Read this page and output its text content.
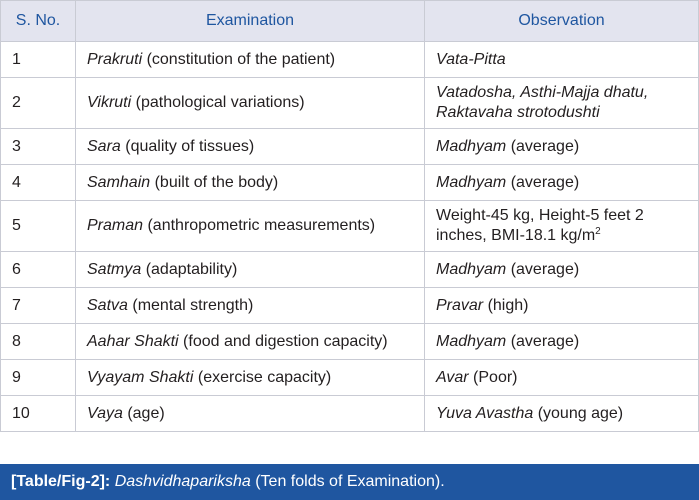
S. No.	Examination	Observation
1	Prakruti (constitution of the patient)	Vata-Pitta
2	Vikruti (pathological variations)	Vatadosha, Asthi-Majja dhatu, Raktavaha strotodushti
3	Sara (quality of tissues)	Madhyam (average)
4	Samhain (built of the body)	Madhyam (average)
5	Praman (anthropometric measurements)	Weight-45 kg, Height-5 feet 2 inches, BMI-18.1 $kg/m^2$
6	Satmya (adaptability)	Madhyam (average)
7	Satva (mental strength)	Pravar (high)
8	Aahar Shakti (food and digestion capacity)	Madhyam (average)
9	Vyayam Shakti (exercise capacity)	Avar (Poor)
10	Vaya (age)	Yuva Avastha (young age)
[Table/Fig-2]: Dashvidhapariksha (Ten folds of Examination).
